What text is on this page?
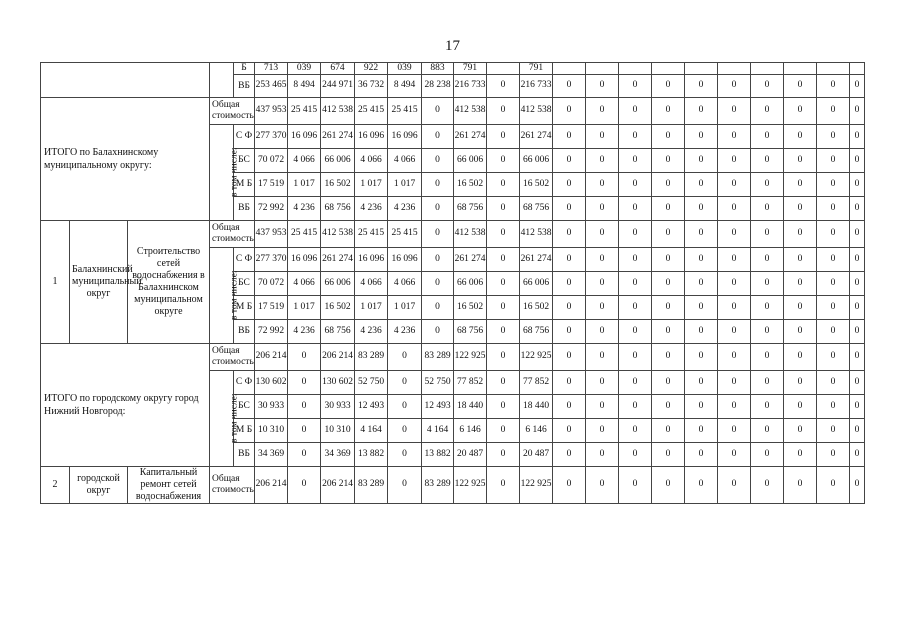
17
				Б	713	039	674	922	039	883	791		791										
				ВБ	253 465	8 494	244 971	36 732	8 494	28 238	216 733	0	216 733	0	0	0	0	0	0	0	0	0	0
ИТОГО по Балахнинскому муниципальному округу:			Общая стоимость		437 953	25 415	412 538	25 415	25 415	0	412 538	0	412 538	0	0	0	0	0	0	0	0	0	0
			в том числе:	С Ф	277 370	16 096	261 274	16 096	16 096	0	261 274	0	261 274	0	0	0	0	0	0	0	0	0	0
				БС	70 072	4 066	66 006	4 066	4 066	0	66 006	0	66 006	0	0	0	0	0	0	0	0	0	0
				М Б	17 519	1 017	16 502	1 017	1 017	0	16 502	0	16 502	0	0	0	0	0	0	0	0	0	0
				ВБ	72 992	4 236	68 756	4 236	4 236	0	68 756	0	68 756	0	0	0	0	0	0	0	0	0	0
1	Балахнинский муниципальный округ	Строительство сетей водоснабжения в Балахнинском муниципальном округе	Общая стоимость		437 953	25 415	412 538	25 415	25 415	0	412 538	0	412 538	0	0	0	0	0	0	0	0	0	0
			в том числе:	С Ф	277 370	16 096	261 274	16 096	16 096	0	261 274	0	261 274	0	0	0	0	0	0	0	0	0	0
				БС	70 072	4 066	66 006	4 066	4 066	0	66 006	0	66 006	0	0	0	0	0	0	0	0	0	0
				М Б	17 519	1 017	16 502	1 017	1 017	0	16 502	0	16 502	0	0	0	0	0	0	0	0	0	0
				ВБ	72 992	4 236	68 756	4 236	4 236	0	68 756	0	68 756	0	0	0	0	0	0	0	0	0	0
ИТОГО по городскому округу город Нижний Новгород:			Общая стоимость		206 214	0	206 214	83 289	0	83 289	122 925	0	122 925	0	0	0	0	0	0	0	0	0	0
			в том числе:	С Ф	130 602	0	130 602	52 750	0	52 750	77 852	0	77 852	0	0	0	0	0	0	0	0	0	0
				БС	30 933	0	30 933	12 493	0	12 493	18 440	0	18 440	0	0	0	0	0	0	0	0	0	0
				М Б	10 310	0	10 310	4 164	0	4 164	6 146	0	6 146	0	0	0	0	0	0	0	0	0	0
				ВБ	34 369	0	34 369	13 882	0	13 882	20 487	0	20 487	0	0	0	0	0	0	0	0	0	0
2	городской округ	Капитальный ремонт сетей водоснабжения	Общая стоимость		206 214	0	206 214	83 289	0	83 289	122 925	0	122 925	0	0	0	0	0	0	0	0	0	0
